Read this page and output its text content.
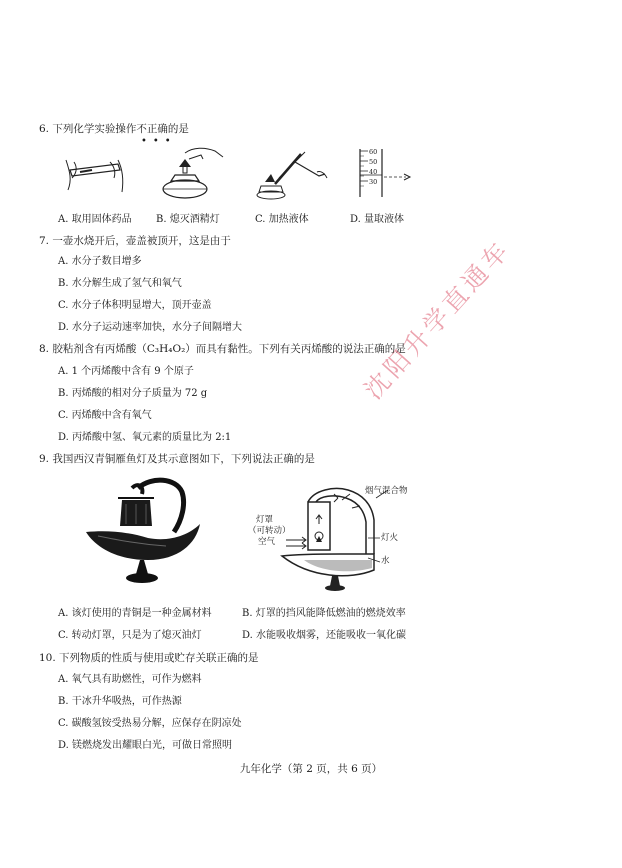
6. 下列化学实验操作不正确的是
•••
60
50
40
30
A. 取用固体药品 B. 熄灭酒精灯	C. 加热液体	D. 量取液体
7. 一壶水烧开后，壶盖被顶开，这是由于
A. 水分子数目增多
B. 水分解生成了氢气和氧气
C. 水分子体积明显增大，顶开壶盖
D. 水分子运动速率加快，水分子间隔增大
8. 胶粘剂含有丙烯酸（C₃H₄O₂）而具有黏性。下列有关丙烯酸的说法正确的是
A. 1 个丙烯酸中含有 9 个原子
B. 丙烯酸的相对分子质量为 72 g
C. 丙烯酸中含有氧气
D. 丙烯酸中氢、氧元素的质量比为 2:1
9. 我国西汉青铜雁鱼灯及其示意图如下，下列说法正确的是
烟气混合物
灯罩
（可转动）
空气	灯火
水
A. 该灯使用的青铜是一种金属材料	B. 灯罩的挡风能降低燃油的燃烧效率
C. 转动灯罩，只是为了熄灭油灯	D. 水能吸收烟雾，还能吸收一氧化碳
10. 下列物质的性质与使用或贮存关联正确的是
A. 氧气具有助燃性，可作为燃料
B. 干冰升华吸热，可作热源
C. 碳酸氢铵受热易分解，应保存在阴凉处
D. 镁燃烧发出耀眼白光，可做日常照明
九年化学（第 2 页，共 6 页）
沈阳升学直通车
